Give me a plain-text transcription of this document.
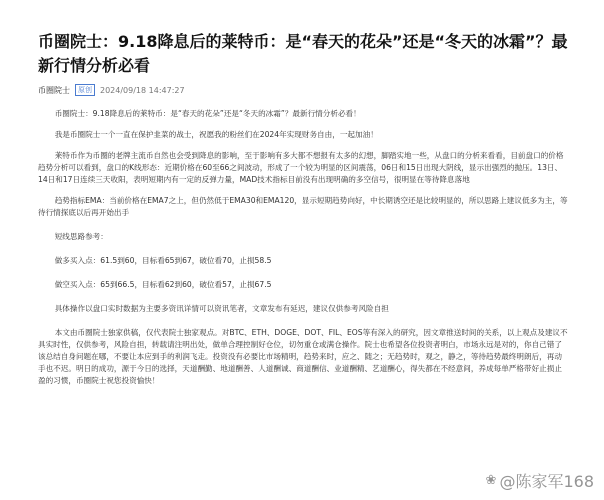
币圈院士：9.18降息后的莱特币：是“春天的花朵”还是“冬天的冰霜”？最新行情分析必看
币圈院士	原创	2024/09/18 14:47:27

币圈院士：9.18降息后的莱特币：是“春天的花朵”还是“冬天的冰霜”？最新行情分析必看！

我是币圈院士一个一直在保护韭菜的战士，祝愿我的粉丝们在2024年实现财务自由，一起加油！

莱特币作为币圈的老牌主流币自然也会受到降息的影响，至于影响有多大都不想报有太多的幻想，脚踏实地一些，从盘口的分析来看看，目前盘口的价格趋势分析可以看到，盘口的K线形态：近期价格在60至66之间波动，形成了一个较为明显的区间震荡，06日和15日出现大阴线，显示出强烈的抛压。13日、14日和17日连续三天收阳，表明短期内有一定的反弹力量，MAD技术指标目前没有出现明确的多空信号，很明显在等待降息落地

趋势指标EMA：当前价格在EMA7之上，但仍然低于EMA30和EMA120，显示短期趋势向好，中长期诱空还是比较明显的，所以思路上建议低多为主，等待行情探底以后再开始出手

短线思路参考：

做多买入点：61.5到60，目标看65到67，破位看70，止损58.5

做空买入点：65到66.5，目标看62到60，破位看57，止损67.5

具体操作以盘口实时数据为主要多资讯详情可以资讯笔者，文章发布有延迟，建议仅供参考风险自担

本文由币圈院士独家供稿，仅代表院士独家观点。对BTC、ETH、DOGE、DOT、FIL、EOS等有深入的研究，因文章推送时间的关系，以上观点及建议不具实时性，仅供参考，风险自担，转载请注明出处，做单合理控制好仓位，切勿重仓或满仓操作。院士也希望各位投资者明白，市场永远是对的，你自己错了该总结自身问题在哪，不要让本应到手的利润飞走。投资没有必要比市场精明，趋势来时，应之、随之；无趋势时，观之，静之，等待趋势最终明朗后，再动手也不迟。明日的成功，源于今日的选择，天道酬勤、地道酬善、人道酬诚、商道酬信、业道酬精、艺道酬心，得失都在不经意间，养成每单严格带好止损止盈的习惯，币圈院士祝您投资愉快！

❀ @陈家军168
